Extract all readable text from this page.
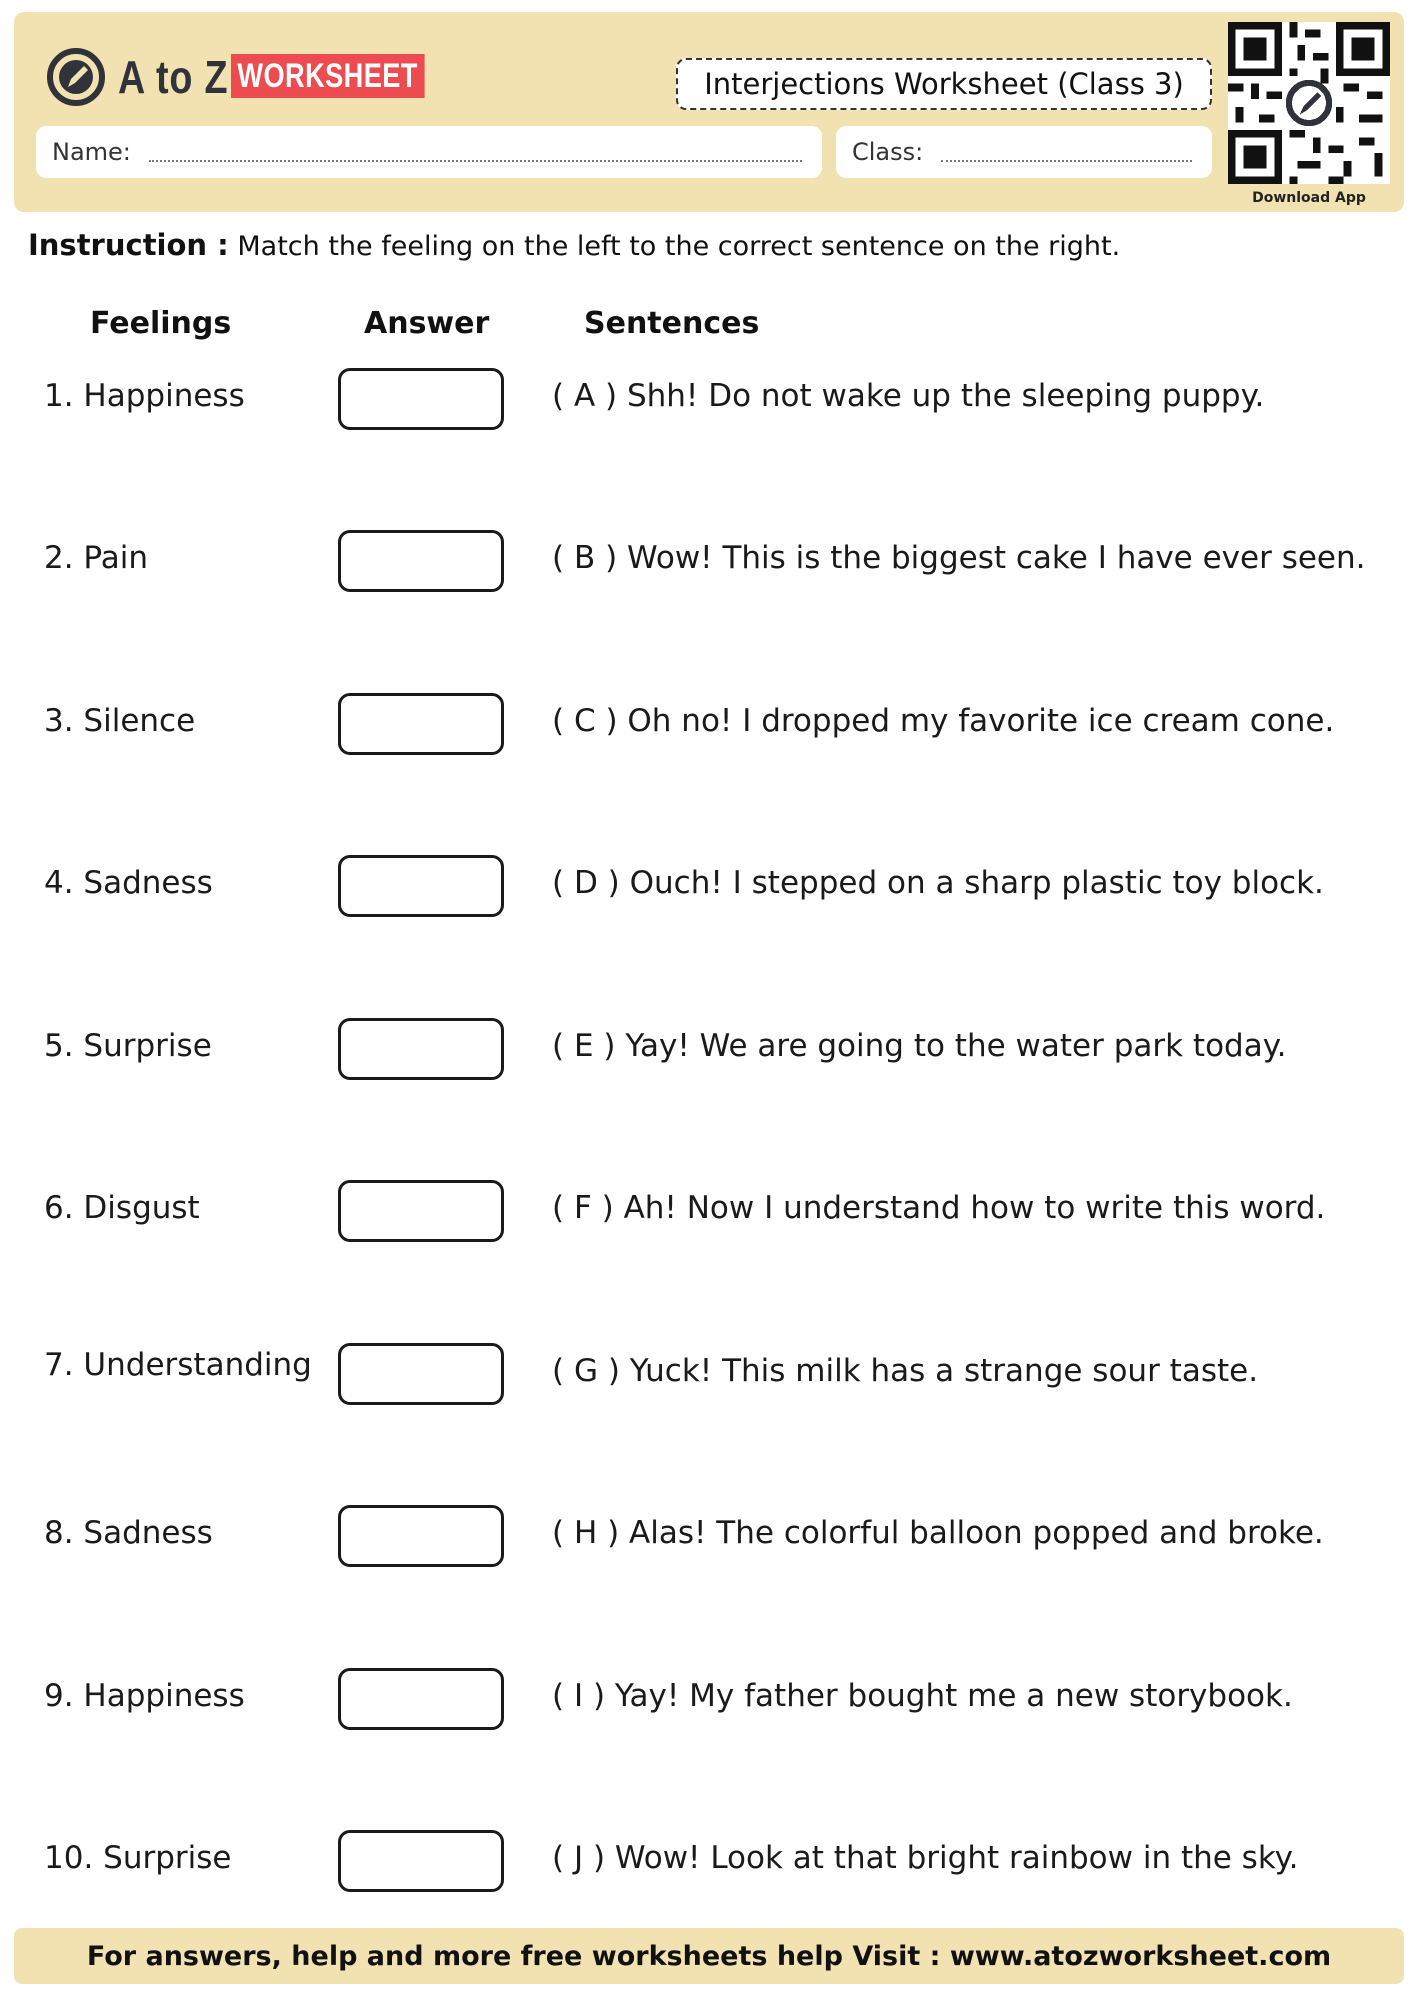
A to Z WORKSHEET	Interjections Worksheet (Class 3)
Name:	Class:
Download App
Instruction : Match the feeling on the left to the correct sentence on the right.
Feelings	Answer	Sentences
1. Happiness	( A ) Shh! Do not wake up the sleeping puppy.
2. Pain	( B ) Wow! This is the biggest cake I have ever seen.
3. Silence	( C ) Oh no! I dropped my favorite ice cream cone.
4. Sadness	( D ) Ouch! I stepped on a sharp plastic toy block.
5. Surprise	( E ) Yay! We are going to the water park today.
6. Disgust	( F ) Ah! Now I understand how to write this word.
7. Understanding	( G ) Yuck! This milk has a strange sour taste.
8. Sadness	( H ) Alas! The colorful balloon popped and broke.
9. Happiness	( I ) Yay! My father bought me a new storybook.
10. Surprise	( J ) Wow! Look at that bright rainbow in the sky.
For answers, help and more free worksheets help Visit : www.atozworksheet.com
